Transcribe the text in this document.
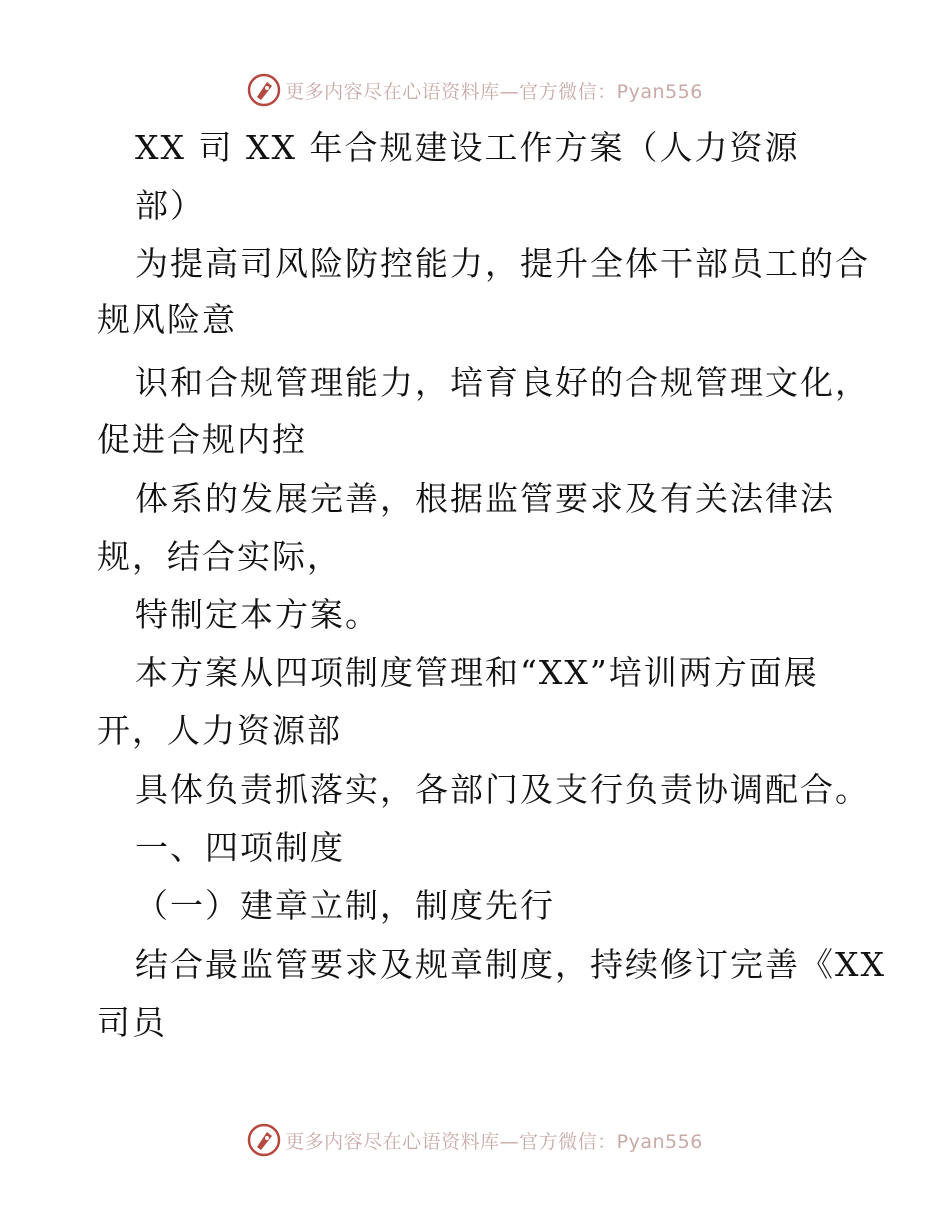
更多内容尽在心语资料库—官方微信：Pyan556
XX 司 XX 年合规建设工作方案（人力资源
部）
为提高司风险防控能力，提升全体干部员工的合
规风险意
识和合规管理能力，培育良好的合规管理文化，
促进合规内控
体系的发展完善，根据监管要求及有关法律法
规，结合实际，
特制定本方案。
本方案从四项制度管理和“XX”培训两方面展
开，人力资源部
具体负责抓落实，各部门及支行负责协调配合。
一、四项制度
（一）建章立制，制度先行
结合最监管要求及规章制度，持续修订完善《XX
司员
更多内容尽在心语资料库—官方微信：Pyan556
